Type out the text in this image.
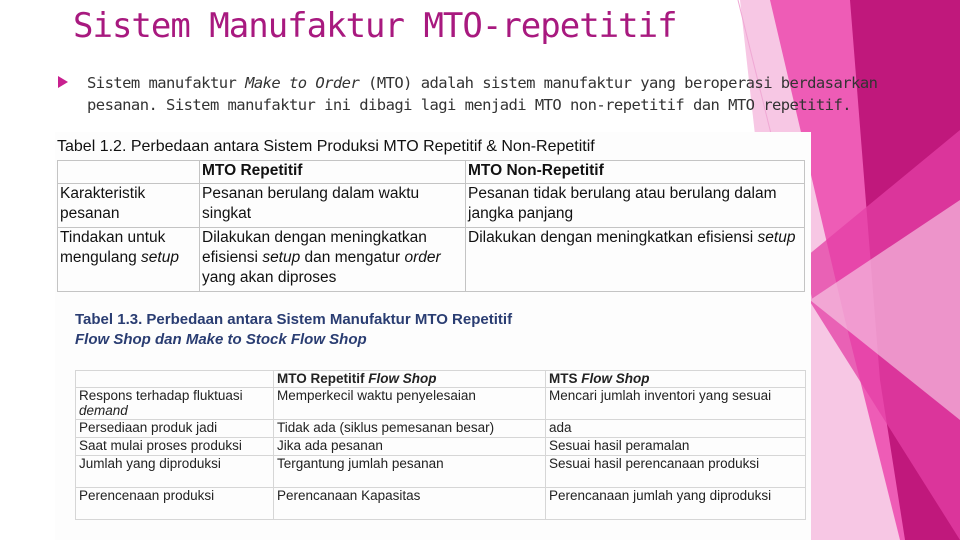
Sistem Manufaktur MTO-repetitif
Sistem manufaktur Make to Order (MTO) adalah sistem manufaktur yang beroperasi berdasarkan pesanan. Sistem manufaktur ini dibagi lagi menjadi MTO non-repetitif dan MTO repetitif.
Tabel 1.2. Perbedaan antara Sistem Produksi MTO Repetitif & Non-Repetitif
	MTO Repetitif	MTO Non-Repetitif
Karakteristik pesanan	Pesanan berulang dalam waktu singkat	Pesanan tidak berulang atau berulang dalam jangka panjang
Tindakan untuk mengulang setup	Dilakukan dengan meningkatkan efisiensi setup dan mengatur order yang akan diproses	Dilakukan dengan meningkatkan efisiensi setup
Tabel 1.3. Perbedaan antara Sistem Manufaktur MTO Repetitif
Flow Shop dan Make to Stock Flow Shop
	MTO Repetitif Flow Shop	MTS Flow Shop
Respons terhadap fluktuasi demand	Memperkecil waktu penyelesaian	Mencari jumlah inventori yang sesuai
Persediaan produk jadi	Tidak ada (siklus pemesanan besar)	ada
Saat mulai proses produksi	Jika ada pesanan	Sesuai hasil peramalan
Jumlah yang diproduksi	Tergantung jumlah pesanan	Sesuai hasil perencanaan produksi
Perencenaan produksi	Perencanaan Kapasitas	Perencanaan jumlah yang diproduksi
